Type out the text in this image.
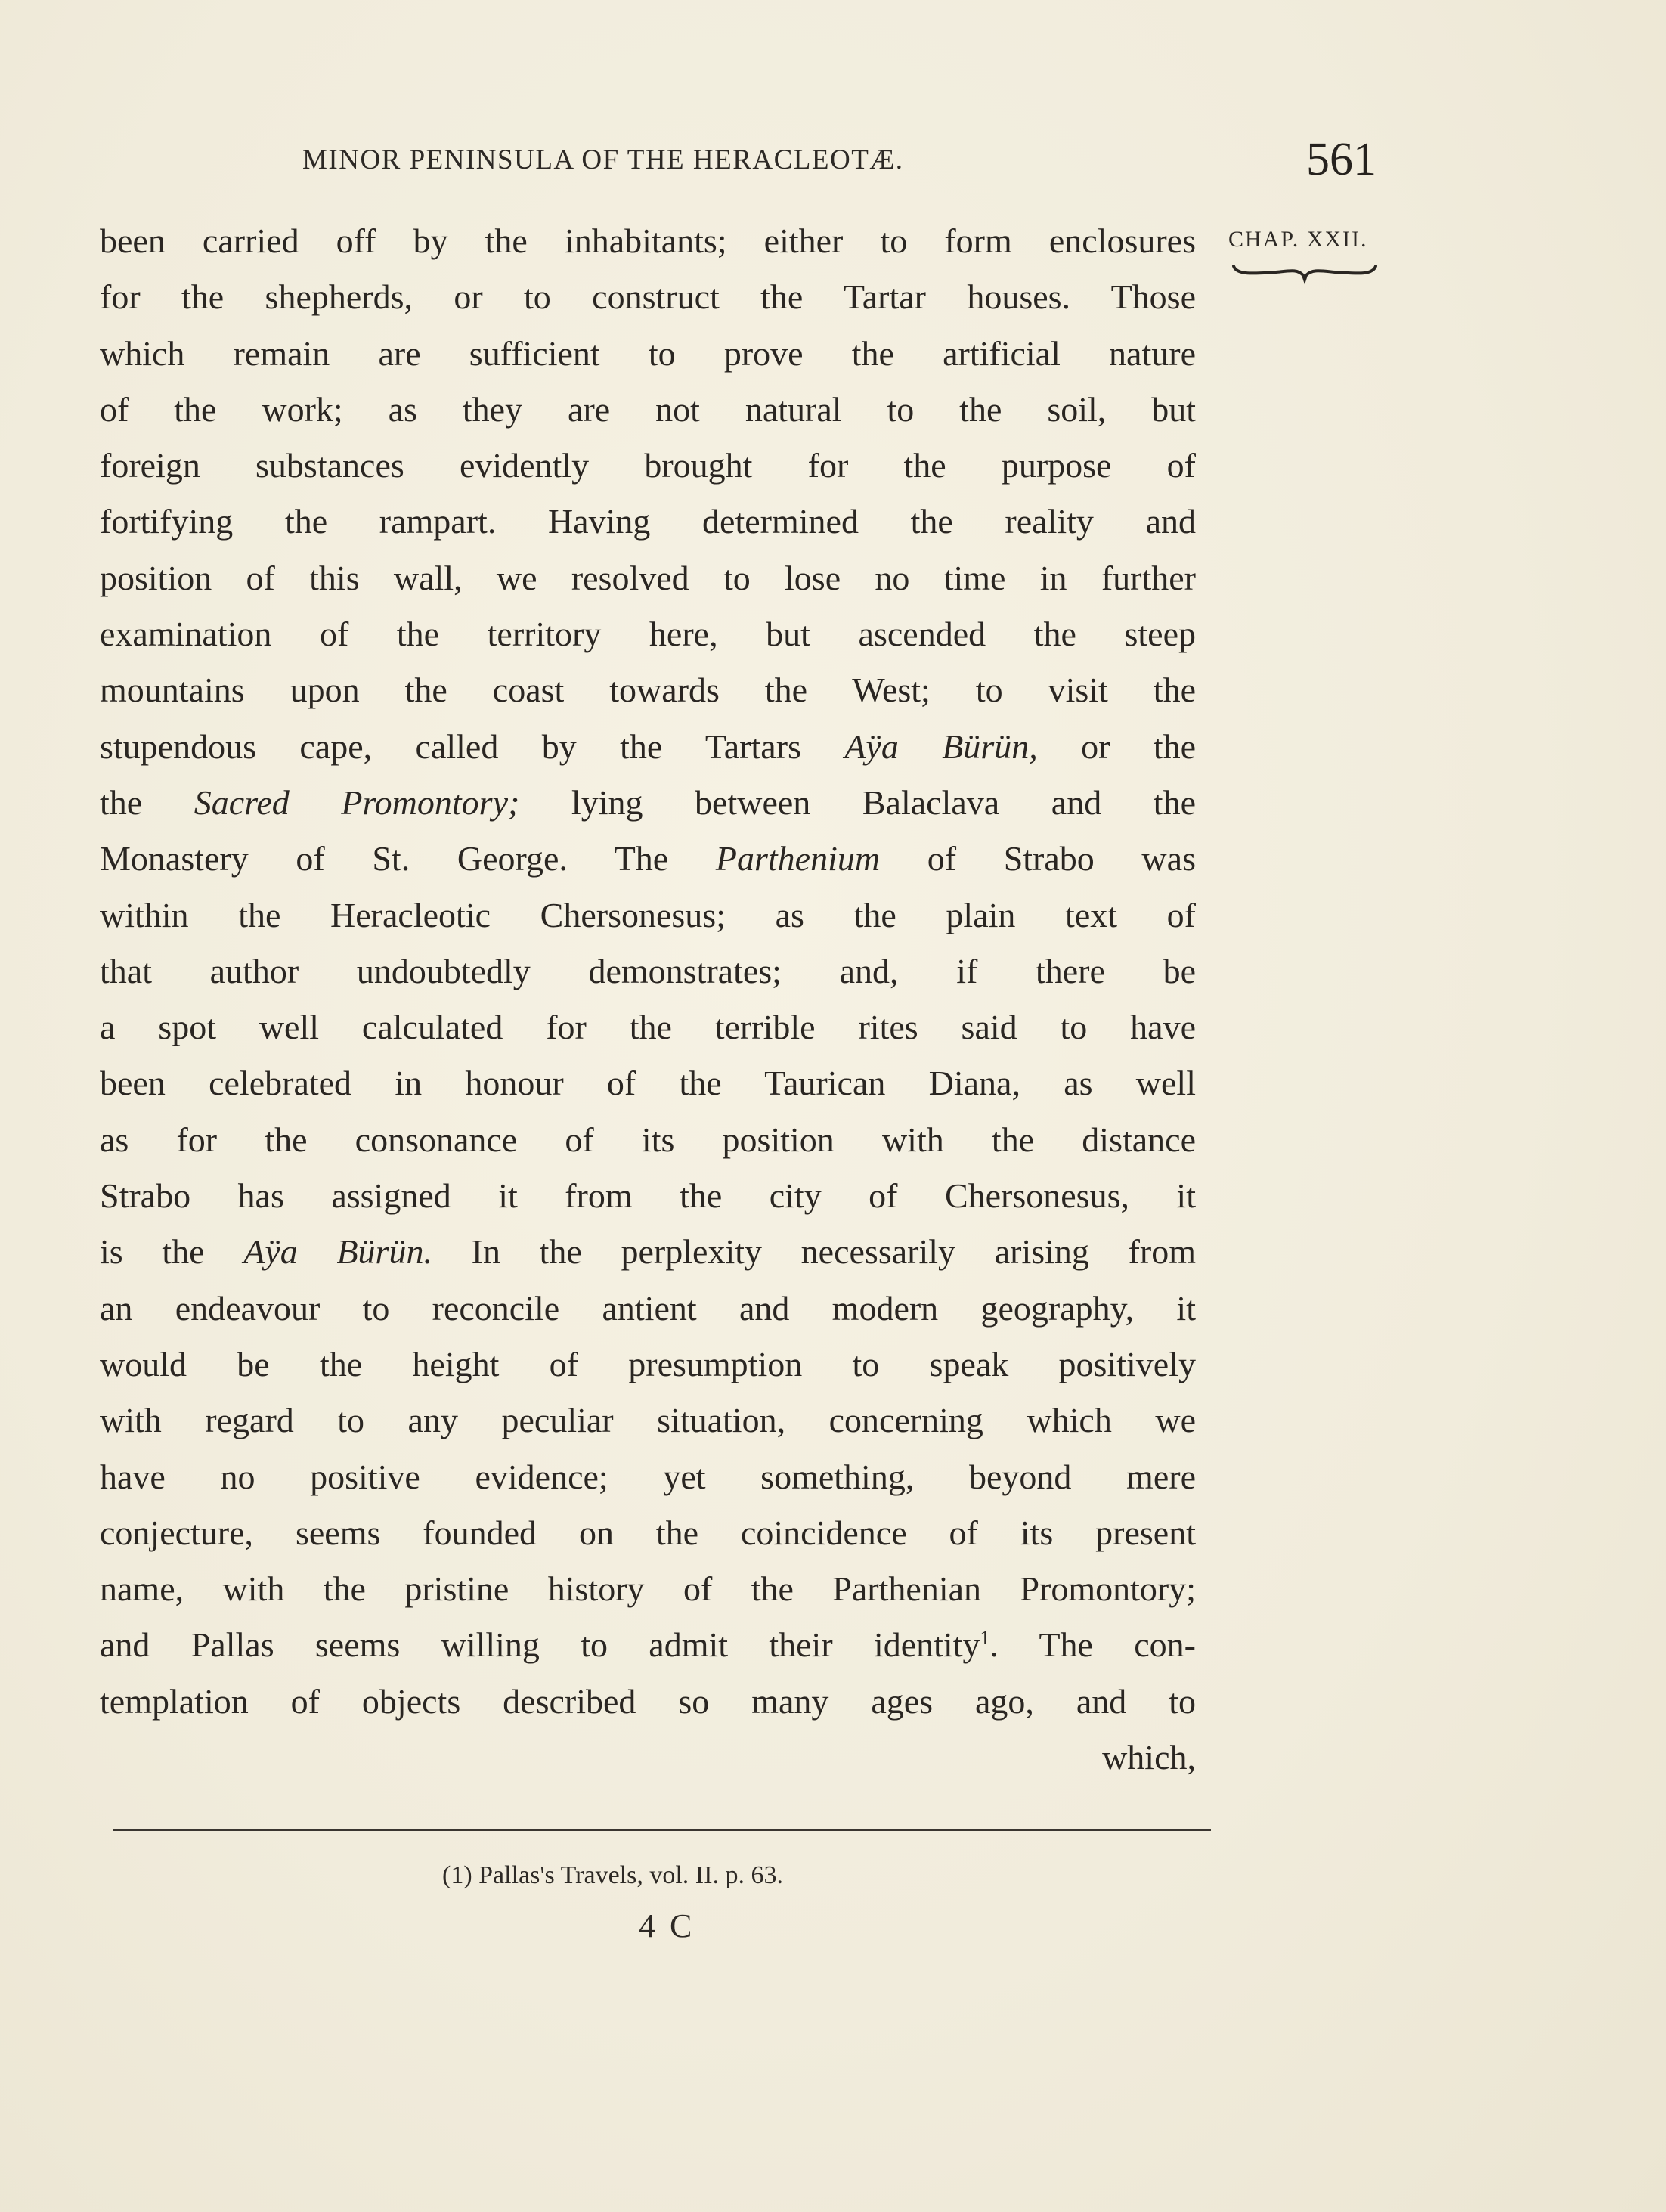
MINOR PENINSULA OF THE HERACLEOTÆ.	561
CHAP. XXII.
been carried off by the inhabitants; either to form enclosures
for the shepherds, or to construct the Tartar houses. Those
which remain are sufficient to prove the artificial nature
of the work; as they are not natural to the soil, but
foreign substances evidently brought for the purpose of
fortifying the rampart. Having determined the reality and
position of this wall, we resolved to lose no time in further
examination of the territory here, but ascended the steep
mountains upon the coast towards the West; to visit the
stupendous cape, called by the Tartars Aÿa Bürün, or the
the Sacred Promontory; lying between Balaclava and the
Monastery of St. George. The Parthenium of Strabo was
within the Heracleotic Chersonesus; as the plain text of
that author undoubtedly demonstrates; and, if there be
a spot well calculated for the terrible rites said to have
been celebrated in honour of the Taurican Diana, as well
as for the consonance of its position with the distance
Strabo has assigned it from the city of Chersonesus, it
is the Aÿa Bürün. In the perplexity necessarily arising from
an endeavour to reconcile antient and modern geography, it
would be the height of presumption to speak positively
with regard to any peculiar situation, concerning which we
have no positive evidence; yet something, beyond mere
conjecture, seems founded on the coincidence of its present
name, with the pristine history of the Parthenian Promontory;
and Pallas seems willing to admit their identity$^1$. The con-
templation of objects described so many ages ago, and to
which,
(1) Pallas's Travels, vol. II. p. 63.
4 C
